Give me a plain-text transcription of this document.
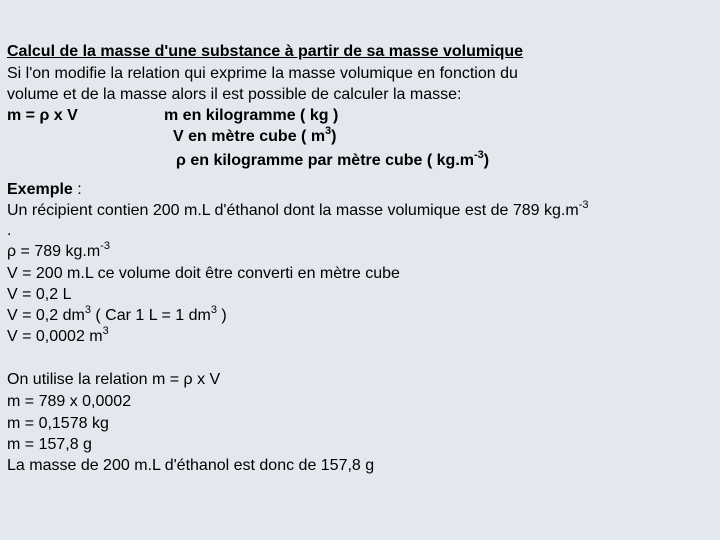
Calcul de la masse d'une substance à partir de sa masse volumique
Si l'on modifie la relation qui exprime la masse volumique en fonction du
volume et de la masse alors il est possible de calculer la masse:
m = ρ x V	m en kilogramme ( kg )
V en mètre cube ( $m^3$)
ρ en kilogramme par mètre cube ( $kg.m^{-3}$)
Exemple :
Un récipient contien 200 m.L d'éthanol dont la masse volumique est de 789 $kg.m^{-3}$
.
ρ = 789 $kg.m^{-3}$
V = 200 m.L ce volume doit être converti en mètre cube
V = 0,2 L
V = 0,2 $dm^3$ ( Car 1 L = 1 $dm^3$ )
V = 0,0002 $m^3$
On utilise la relation m = ρ x V
m = 789 x 0,0002
m = 0,1578 kg
m = 157,8 g
La masse de 200 m.L d'éthanol est donc de 157,8 g
